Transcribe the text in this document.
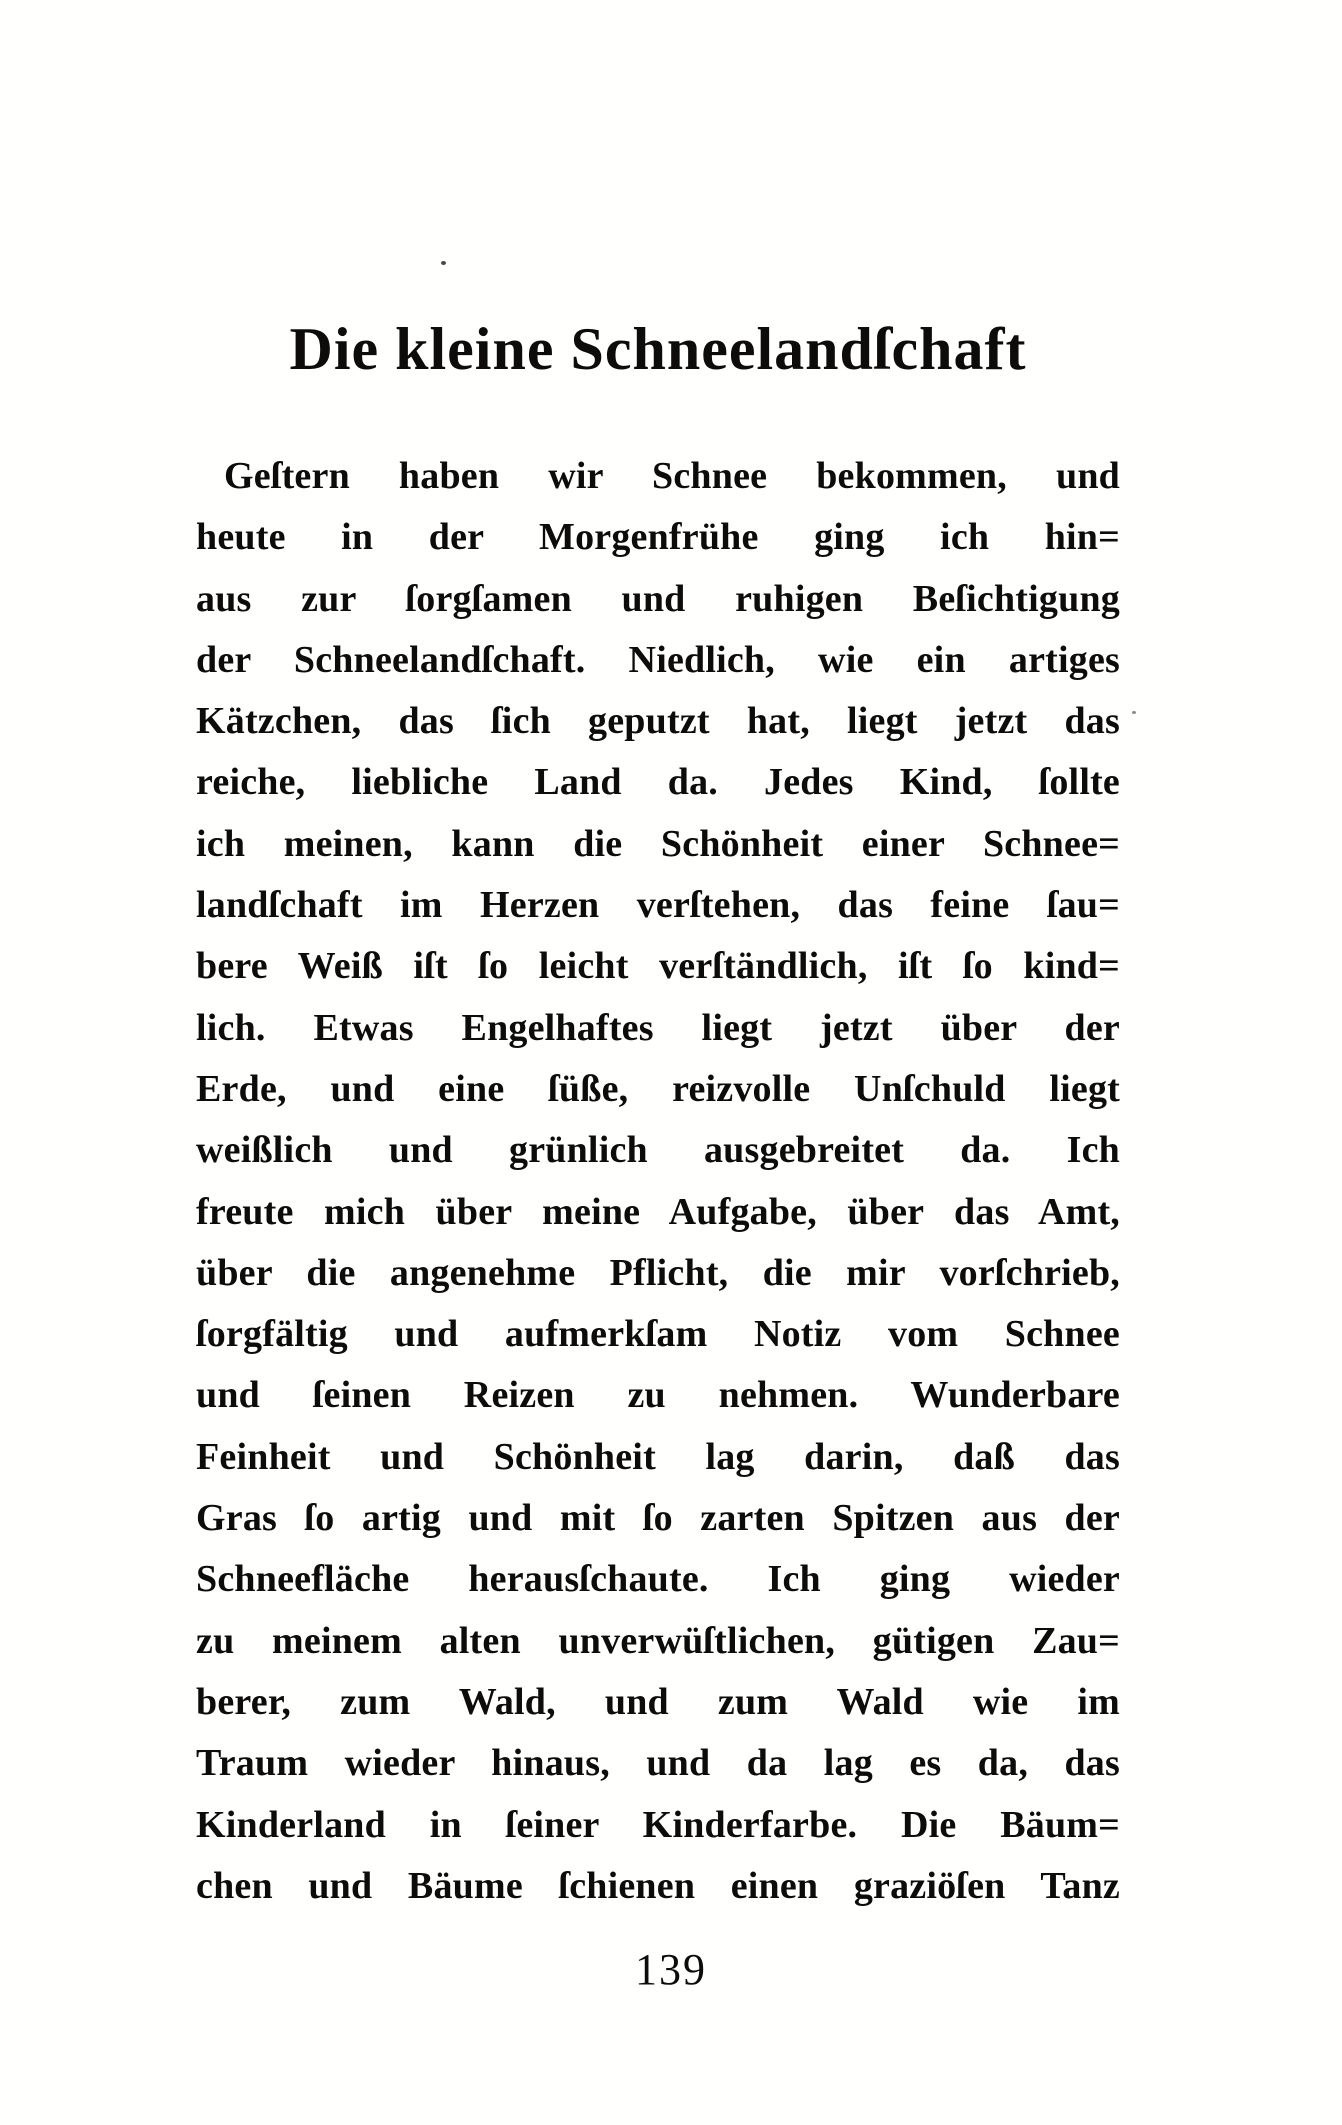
Die kleine Schneelandſchaft
Geſtern haben wir Schnee bekommen, und
heute in der Morgenfrühe ging ich hin=
aus zur ſorgſamen und ruhigen Beſichtigung
der Schneelandſchaft. Niedlich, wie ein artiges
Kätzchen, das ſich geputzt hat, liegt jetzt das
reiche, liebliche Land da. Jedes Kind, ſollte
ich meinen, kann die Schönheit einer Schnee=
landſchaft im Herzen verſtehen, das feine ſau=
bere Weiß iſt ſo leicht verſtändlich, iſt ſo kind=
lich. Etwas Engelhaftes liegt jetzt über der
Erde, und eine ſüße, reizvolle Unſchuld liegt
weißlich und grünlich ausgebreitet da. Ich
freute mich über meine Aufgabe, über das Amt,
über die angenehme Pflicht, die mir vorſchrieb,
ſorgfältig und aufmerkſam Notiz vom Schnee
und ſeinen Reizen zu nehmen. Wunderbare
Feinheit und Schönheit lag darin, daß das
Gras ſo artig und mit ſo zarten Spitzen aus der
Schneefläche herausſchaute. Ich ging wieder
zu meinem alten unverwüſtlichen, gütigen Zau=
berer, zum Wald, und zum Wald wie im
Traum wieder hinaus, und da lag es da, das
Kinderland in ſeiner Kinderfarbe. Die Bäum=
chen und Bäume ſchienen einen graziöſen Tanz
139
